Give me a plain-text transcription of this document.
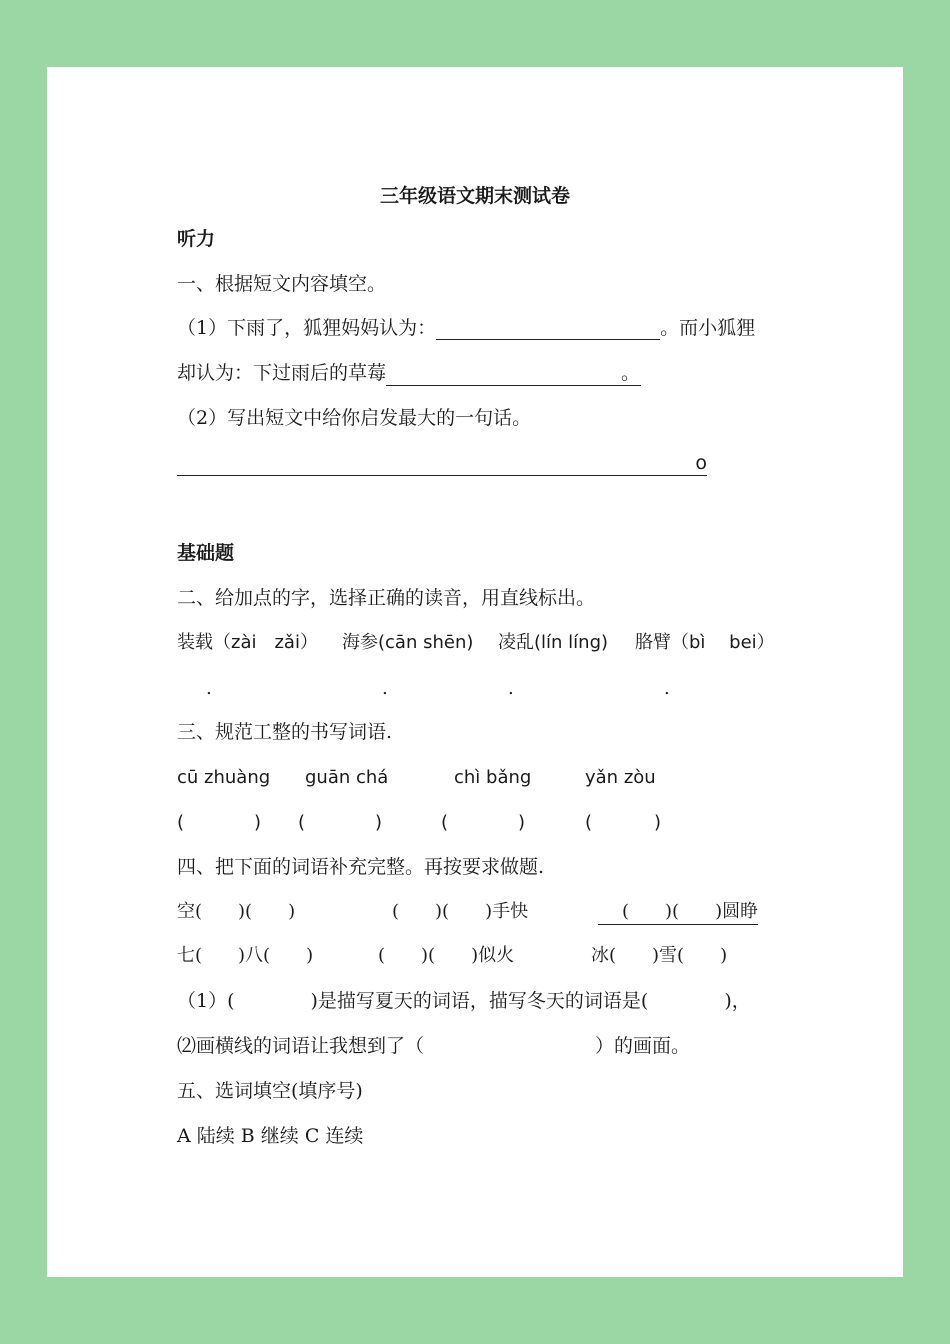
三年级语文期末测试卷
听力
一、根据短文内容填空。
（1）下雨了，狐狸妈妈认为：	。而小狐狸
却认为：下过雨后的草莓	。
（2）写出短文中给你启发最大的一句话。
o
基础题
二、给加点的字，选择正确的读音，用直线标出。
装载（zài　zǎi） 海参(cān shēn) 凌乱(lín líng) 胳臂（bì　 bei）
.	.	.	.
三、规范工整的书写词语.
cū zhuàng guān chá	chì bǎng	yǎn zòu
(　　　) (　　　)	(　　　)	(　　　)
四、把下面的词语补充完整。再按要求做题.
空(　　)(　　)	(　　)(　　)手快	(　　)(　　)圆睁
七(　　)八(　　)	(　　)(　　)似火	冰(　　)雪(　　)
（1）(　　　　)是描写夏天的词语，描写冬天的词语是(　　　　)，
⑵画横线的词语让我想到了（　　　　　　　　　）的画面。
五、选词填空(填序号)
A 陆续 B 继续 C 连续
